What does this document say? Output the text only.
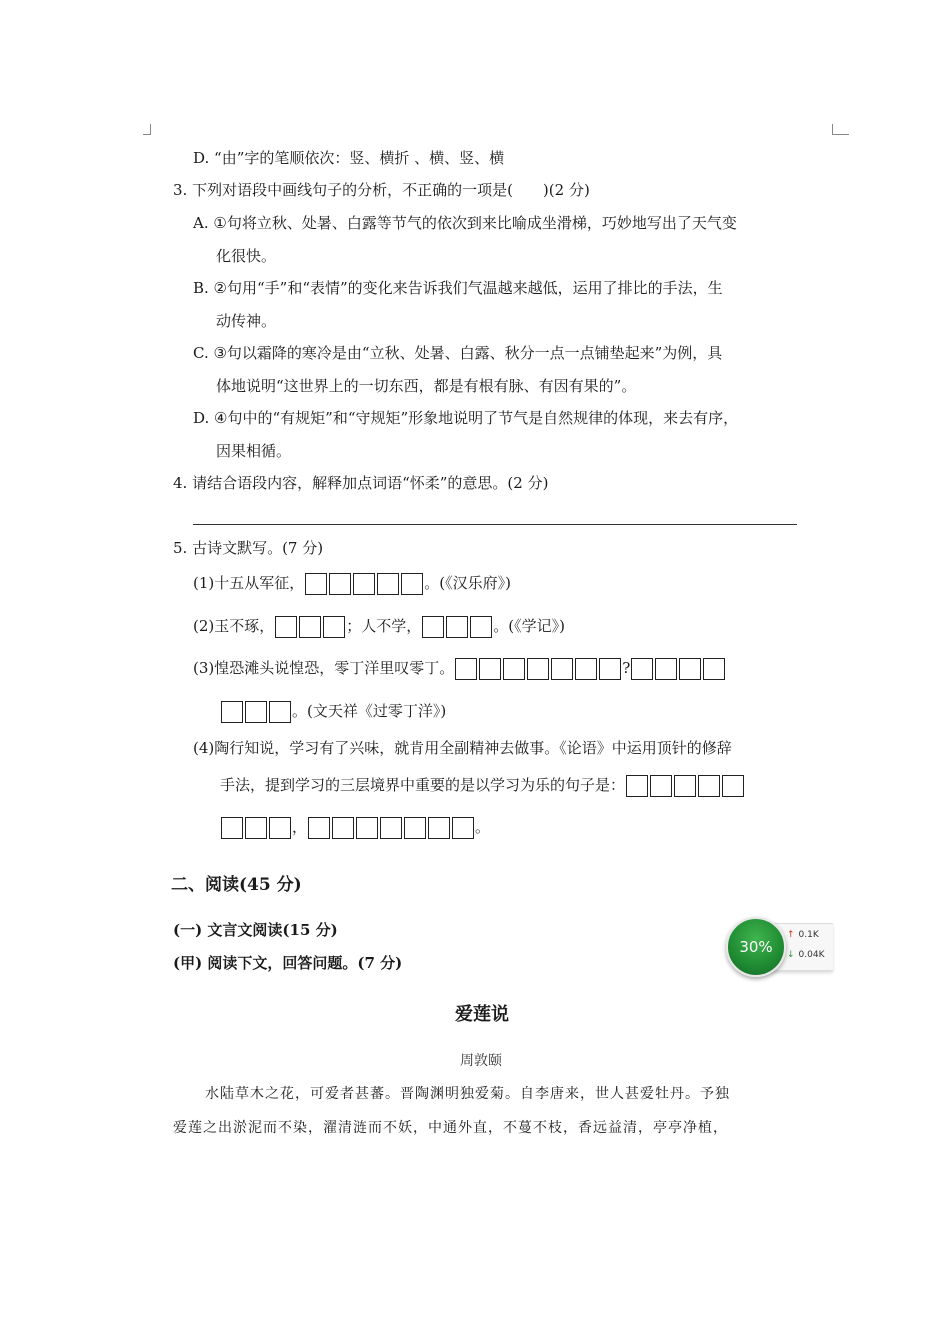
D. “由”字的笔顺依次：竖、横折 、横、竖、横
3. 下列对语段中画线句子的分析，不正确的一项是(　　)(2 分)
A. ①句将立秋、处暑、白露等节气的依次到来比喻成坐滑梯，巧妙地写出了天气变
化很快。
B. ②句用“手”和“表情”的变化来告诉我们气温越来越低，运用了排比的手法，生
动传神。
C. ③句以霜降的寒冷是由“立秋、处暑、白露、秋分一点一点铺垫起来”为例，具
体地说明“这世界上的一切东西，都是有根有脉、有因有果的”。
D. ④句中的“有规矩”和“守规矩”形象地说明了节气是自然规律的体现，来去有序，
因果相循。
4. 请结合语段内容，解释加点词语“怀柔”的意思。(2 分)
5. 古诗文默写。(7 分)
(1)十五从军征，	。(《汉乐府》)
(2)玉不琢，	；人不学，	。(《学记》)
(3)惶恐滩头说惶恐，零丁洋里叹零丁。	?
。(文天祥《过零丁洋》)
(4)陶行知说，学习有了兴味，就肯用全副精神去做事。《论语》中运用顶针的修辞
手法，提到学习的三层境界中重要的是以学习为乐的句子是：
，	。
二、阅读(45 分)
(一) 文言文阅读(15 分)
(甲) 阅读下文，回答问题。(7 分)
↑ 0.1K
↓ 0.04K
30%
爱莲说
周敦颐
水陆草木之花，可爱者甚蕃。晋陶渊明独爱菊。自李唐来，世人甚爱牡丹。予独
爱莲之出淤泥而不染，濯清涟而不妖，中通外直，不蔓不枝，香远益清，亭亭净植，
